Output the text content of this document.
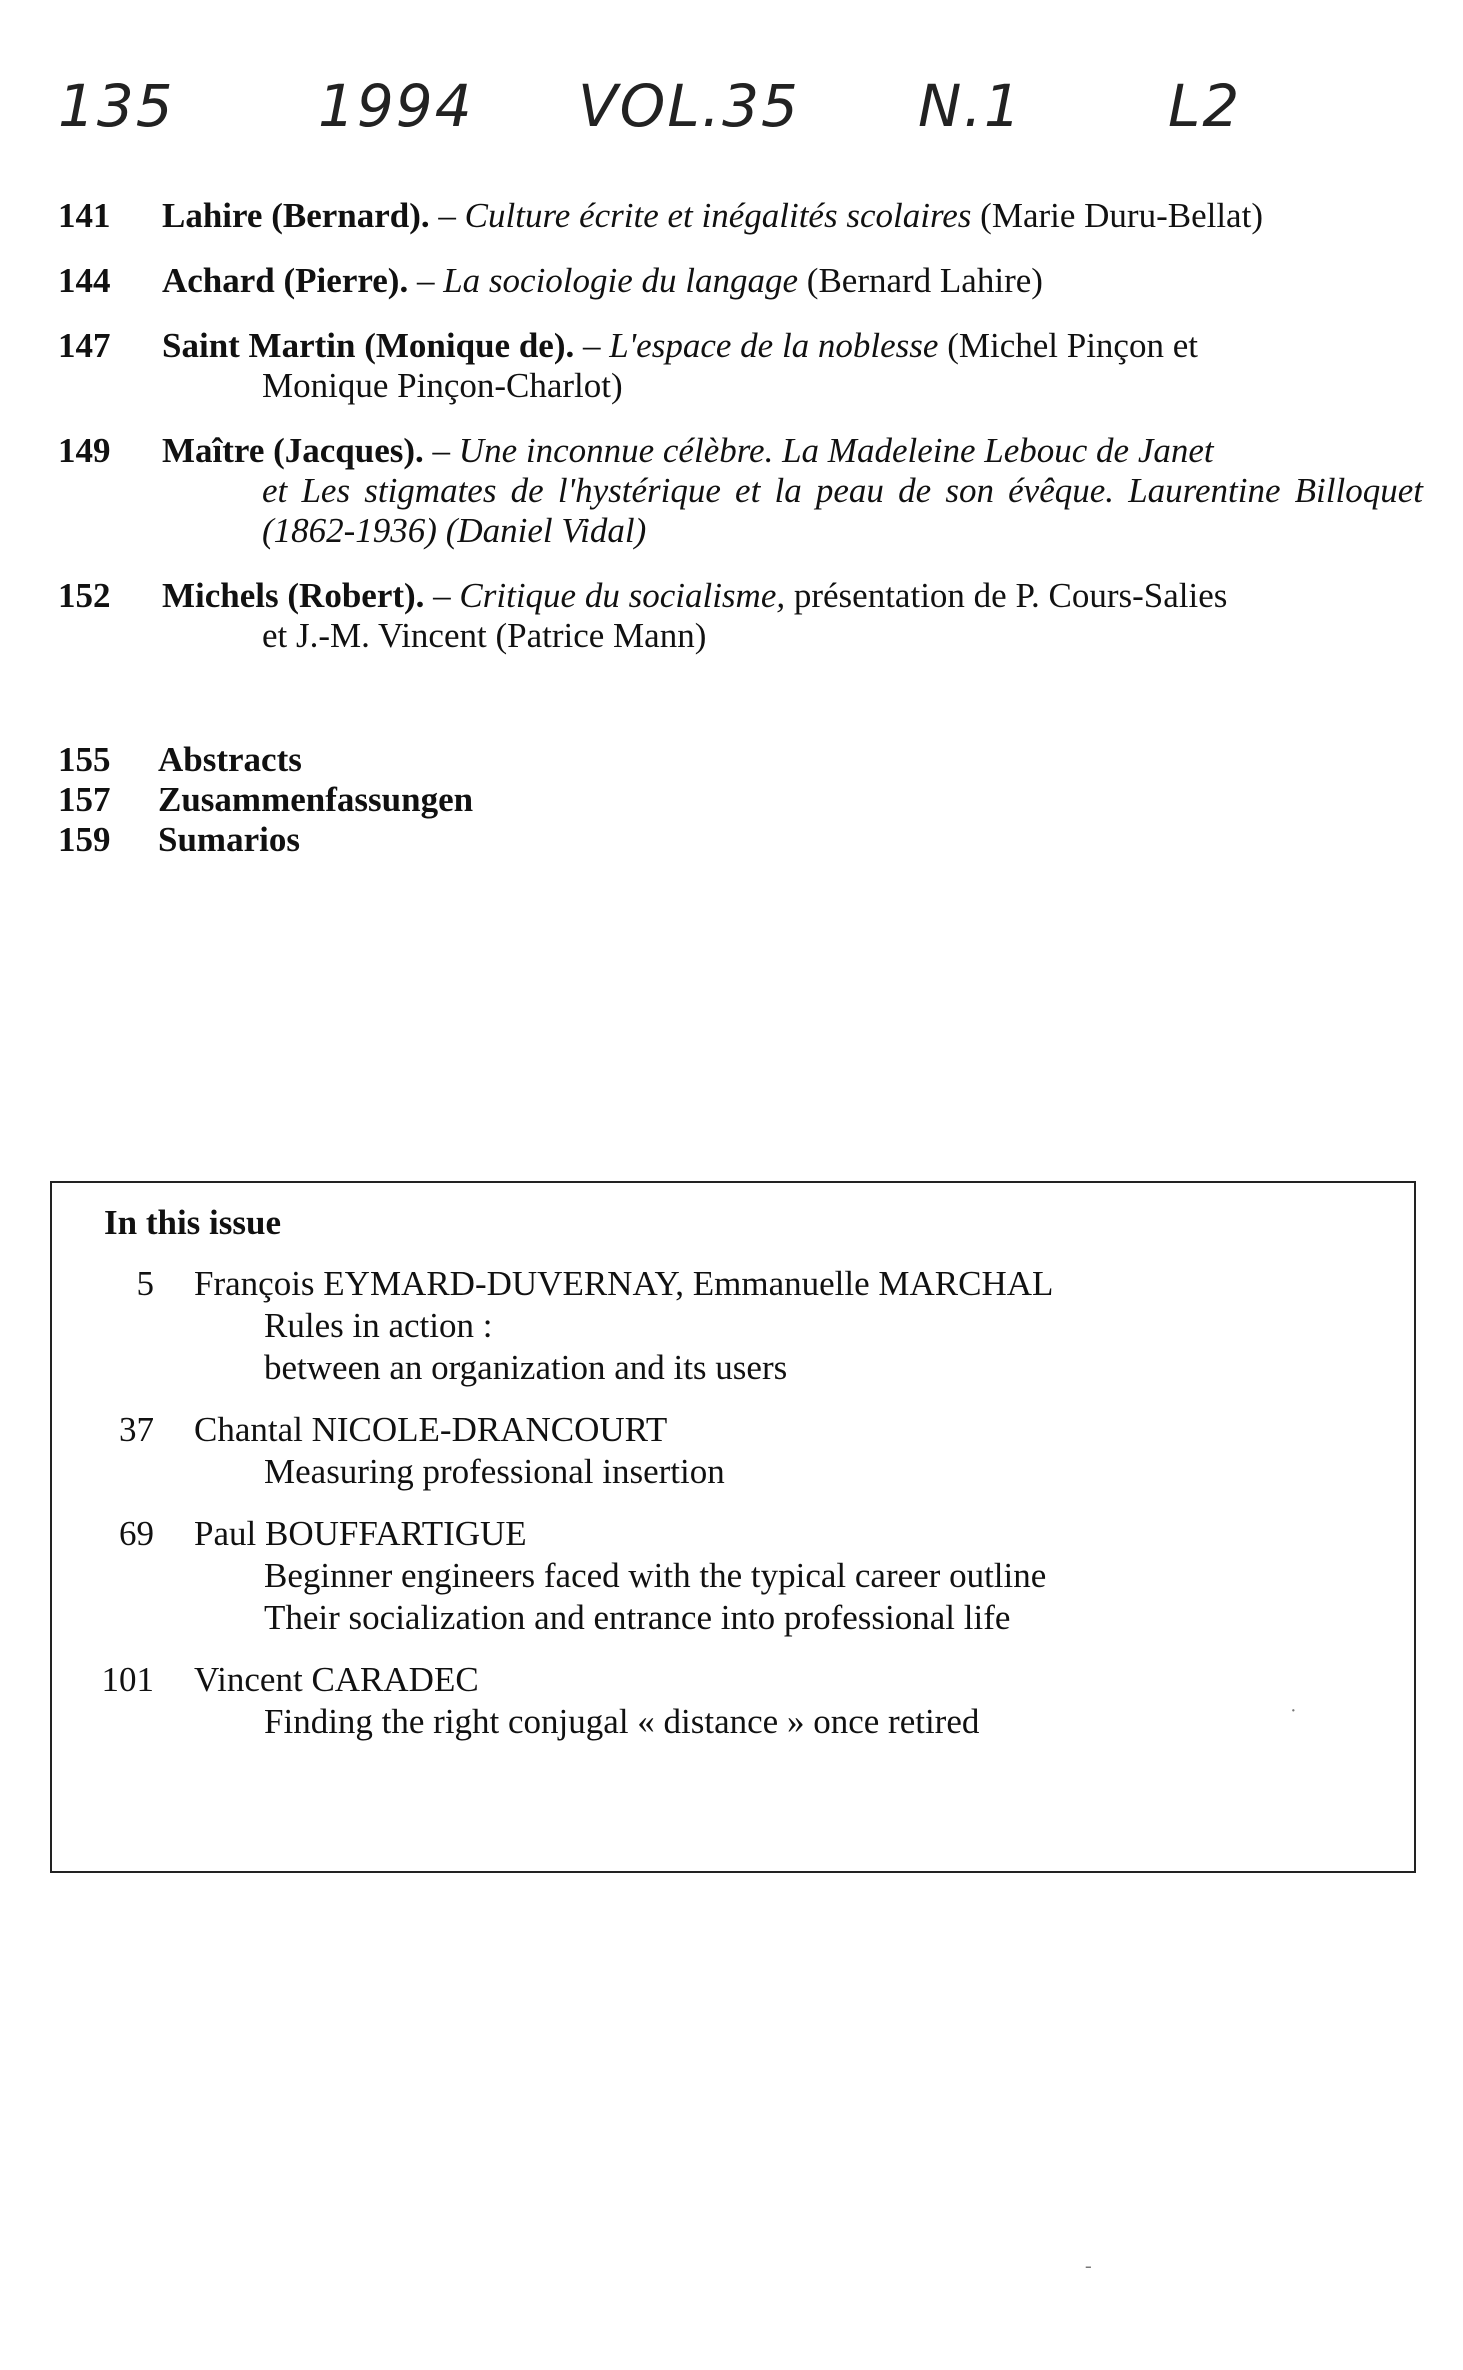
135 1994 VOL.35 N.1	L2
141	Lahire (Bernard). – Culture écrite et inégalités scolaires (Marie Duru-Bellat)
144	Achard (Pierre). – La sociologie du langage (Bernard Lahire)
147	Saint Martin (Monique de). – L'espace de la noblesse (Michel Pinçon et
Monique Pinçon-Charlot)
149	Maître (Jacques). – Une inconnue célèbre. La Madeleine Lebouc de Janet
et Les stigmates de l'hystérique et la peau de son évêque. Laurentine Billoquet (1862-1936) (Daniel Vidal)
152	Michels (Robert). – Critique du socialisme, présentation de P. Cours-Salies
et J.-M. Vincent (Patrice Mann)
155	Abstracts
157	Zusammenfassungen
159	Sumarios
In this issue
5	François EYMARD-DUVERNAY, Emmanuelle MARCHAL
Rules in action :
between an organization and its users
37	Chantal NICOLE-DRANCOURT
Measuring professional insertion
69	Paul BOUFFARTIGUE
Beginner engineers faced with the typical career outline
Their socialization and entrance into professional life
101	Vincent CARADEC
Finding the right conjugal « distance » once retired	·
-
